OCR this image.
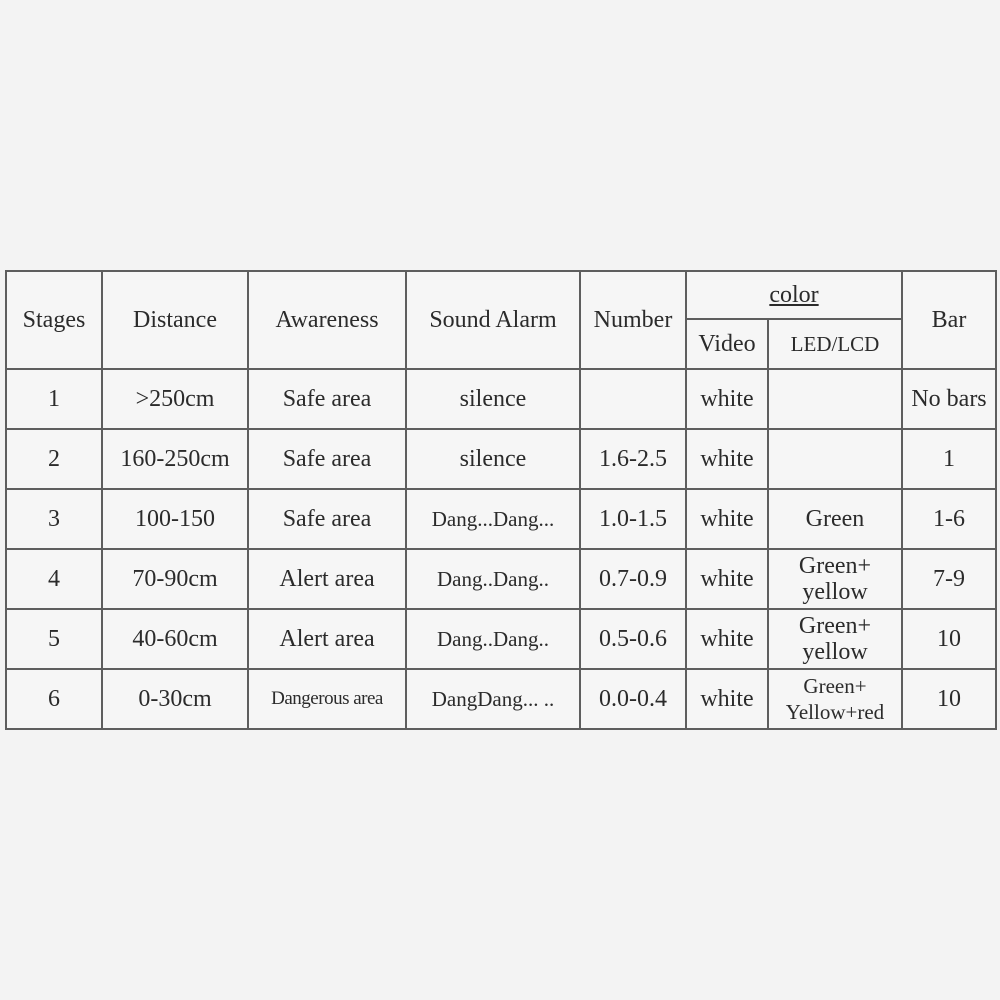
Stages	Distance	Awareness	Sound Alarm	Number	color		Bar
					Video	LED/LCD	
1	>250cm	Safe area	silence		white		No bars
2	160-250cm	Safe area	silence	1.6-2.5	white		1
3	100-150	Safe area	Dang...Dang...	1.0-1.5	white	Green	1-6
4	70-90cm	Alert area	Dang..Dang..	0.7-0.9	white	Green+ yellow	7-9
5	40-60cm	Alert area	Dang..Dang..	0.5-0.6	white	Green+ yellow	10
6	0-30cm	Dangerous area	DangDang... ..	0.0-0.4	white	Green+ Yellow+red	10
